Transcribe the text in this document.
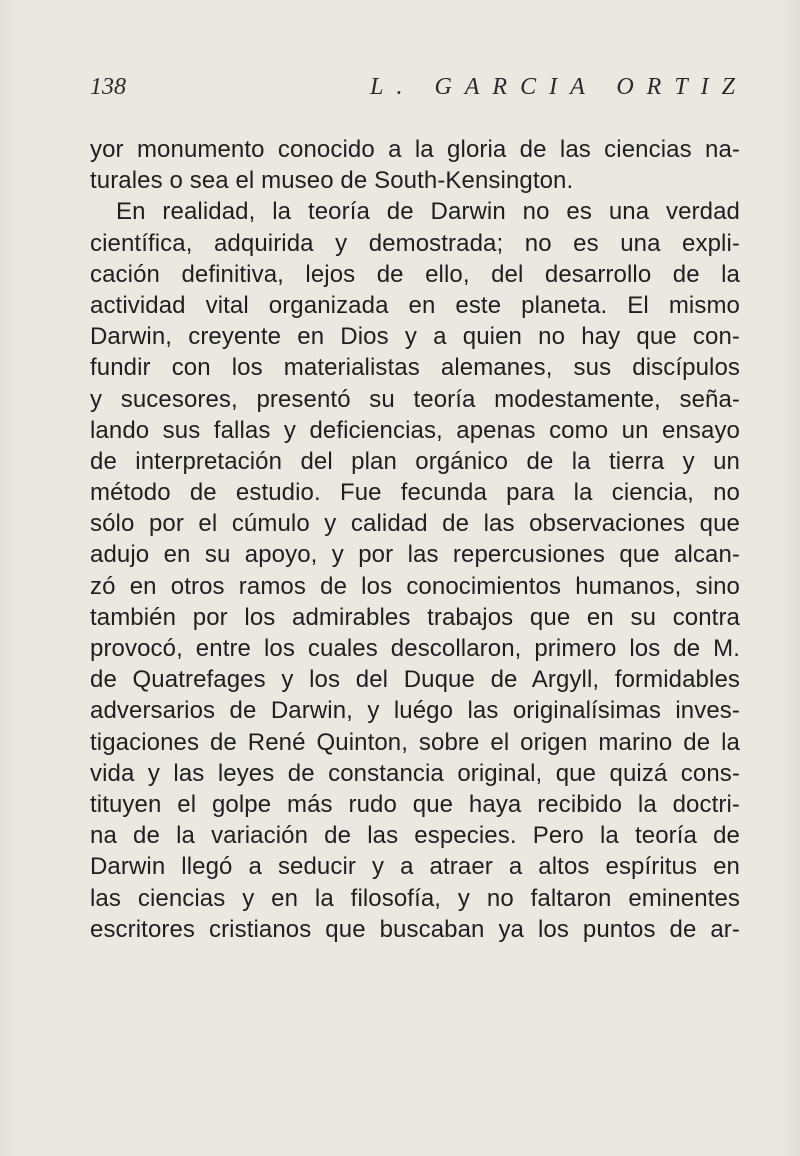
138	L. GARCIA ORTIZ
yor monumento conocido a la gloria de las ciencias na-
turales o sea el museo de South-Kensington.
En realidad, la teoría de Darwin no es una verdad
científica, adquirida y demostrada; no es una expli-
cación definitiva, lejos de ello, del desarrollo de la
actividad vital organizada en este planeta. El mismo
Darwin, creyente en Dios y a quien no hay que con-
fundir con los materialistas alemanes, sus discípulos
y sucesores, presentó su teoría modestamente, seña-
lando sus fallas y deficiencias, apenas como un ensayo
de interpretación del plan orgánico de la tierra y un
método de estudio. Fue fecunda para la ciencia, no
sólo por el cúmulo y calidad de las observaciones que
adujo en su apoyo, y por las repercusiones que alcan-
zó en otros ramos de los conocimientos humanos, sino
también por los admirables trabajos que en su contra
provocó, entre los cuales descollaron, primero los de M.
de Quatrefages y los del Duque de Argyll, formidables
adversarios de Darwin, y luégo las originalísimas inves-
tigaciones de René Quinton, sobre el origen marino de la
vida y las leyes de constancia original, que quizá cons-
tituyen el golpe más rudo que haya recibido la doctri-
na de la variación de las especies. Pero la teoría de
Darwin llegó a seducir y a atraer a altos espíritus en
las ciencias y en la filosofía, y no faltaron eminentes
escritores cristianos que buscaban ya los puntos de ar-
